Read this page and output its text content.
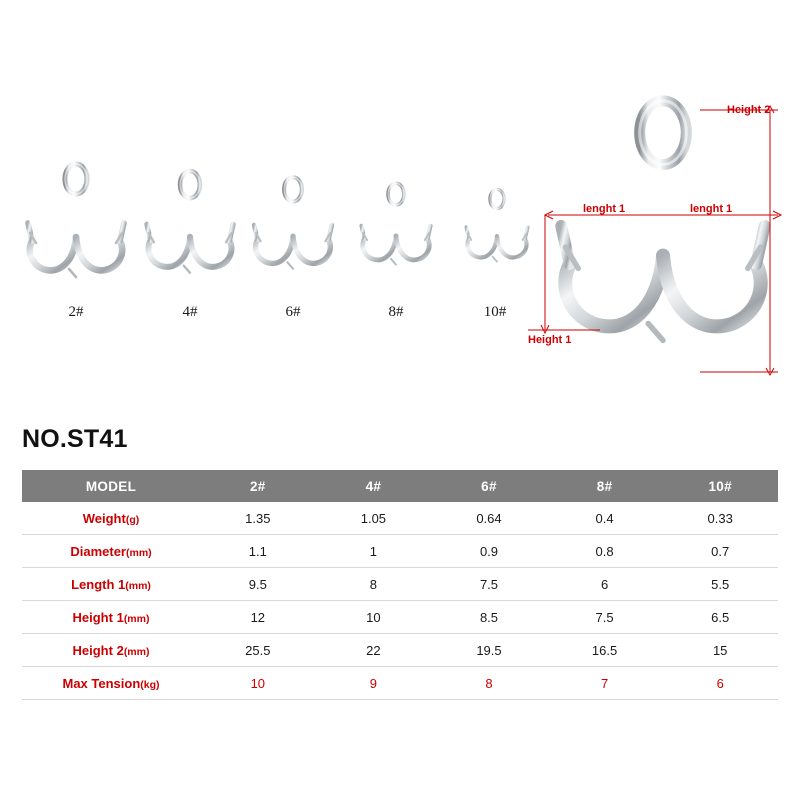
2#	4#	6#	8#	10#
Height 2
lenght 1	lenght 1
Height 1
NO.ST41
MODEL	2#	4#	6#	8#	10#
Weight(g)	1.35	1.05	0.64	0.4	0.33
Diameter(mm)	1.1	1	0.9	0.8	0.7
Length 1(mm)	9.5	8	7.5	6	5.5
Height 1(mm)	12	10	8.5	7.5	6.5
Height 2(mm)	25.5	22	19.5	16.5	15
Max Tension(kg)	10	9	8	7	6
